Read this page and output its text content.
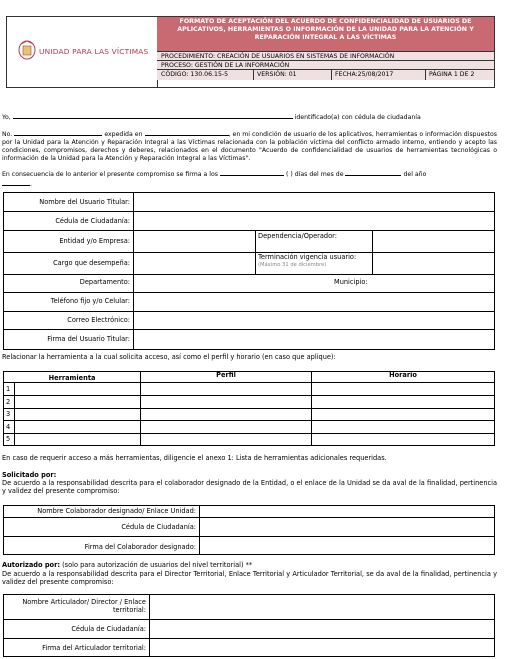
UNIDAD PARA LAS VÍCTIMAS
FORMATO DE ACEPTACIÓN DEL ACUERDO DE CONFIDENCIALIDAD DE USUARIOS DE APLICATIVOS, HERRAMIENTAS O INFORMACIÓN DE LA UNIDAD PARA LA ATENCIÓN Y REPARACIÓN INTEGRAL A LAS VÍCTIMAS
PROCEDIMIENTO: CREACIÓN DE USUARIOS EN SISTEMAS DE INFORMACIÓN
PROCESO: GESTIÓN DE LA INFORMACIÓN
CÓDIGO: 130.06.15-5	VERSIÓN: 01	FECHA:25/08/2017	PÁGINA 1 DE 2
Yo,	identificado(a) con cédula de ciudadanía
No.	expedida en	, en mi condición de usuario de los aplicativos, herramientas o información dispuestos por la Unidad para la Atención y Reparación Integral a las Víctimas relacionada con la población víctima del conflicto armado interno, entiendo y acepto las condiciones, compromisos, derechos y deberes, relacionados en el documento "Acuerdo de confidencialidad de usuarios de herramientas tecnológicas o información de la Unidad para la Atención y Reparación Integral a las Víctimas".
En consecuencia de lo anterior el presente compromiso se firma a los	( ) días del mes de	del año
.
Nombre del Usuario Titular:
Cédula de Ciudadanía:
Entidad y/o Empresa:
Dependencia/Operador:
Cargo que desempeña:
Terminación vigencia usuario:
(Máximo 31 de diciembre)
Departamento:	Municipio:
Teléfono fijo y/o Celular:
Correo Electrónico:
Firma del Usuario Titular:
Relacionar la herramienta a la cual solicita acceso, así como el perfil y horario (en caso que aplique):
Herramienta	Perfil	Horario
1
2
3
4
5
En caso de requerir acceso a más herramientas, diligencie el anexo 1: Lista de herramientas adicionales requeridas.
Solicitado por:
De acuerdo a la responsabilidad descrita para el colaborador designado de la Entidad, o el enlace de la Unidad se da aval de la finalidad, pertinencia y validez del presente compromiso:
Nombre Colaborador designado/ Enlace Unidad:
Cédula de Ciudadanía:
Firma del Colaborador designado:
Autorizado por: (solo para autorización de usuarios del nivel territorial) **
De acuerdo a la responsabilidad descrita para el Director Territorial, Enlace Territorial y Articulador Territorial, se da aval de la finalidad, pertinencia y validez del presente compromiso:
Nombre Articulador/ Director / Enlace territorial:
Cédula de Ciudadanía:
Firma del Articulador territorial:
